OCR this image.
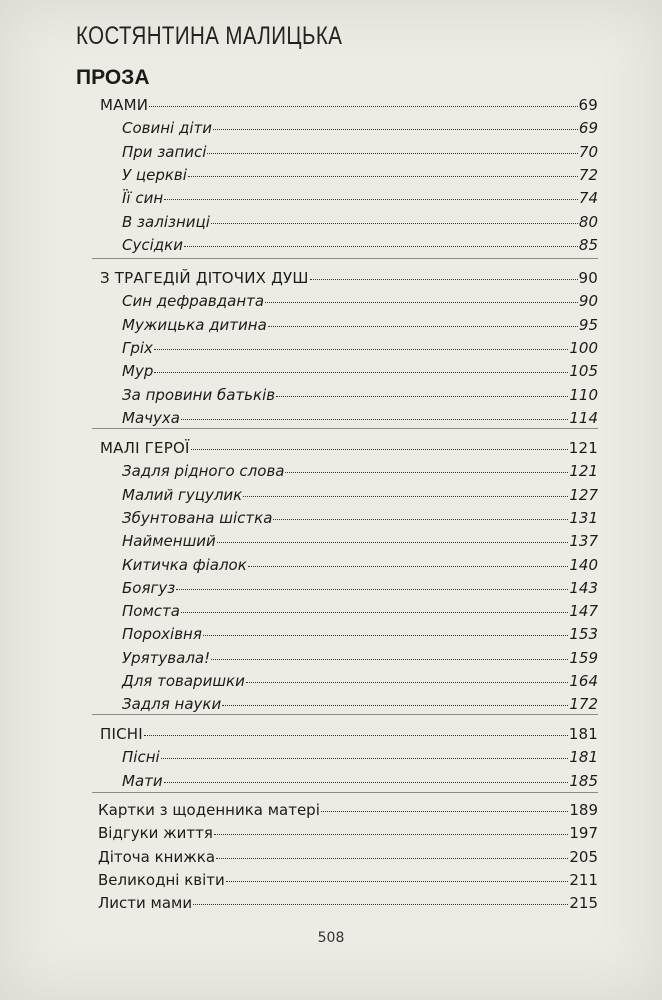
КОСТЯНТИНА МАЛИЦЬКА
ПРОЗА
МАМИ	69
Совині діти	69
При записі	70
У церкві	72
Її син	74
В залізниці	80
Сусідки	85
З ТРАГЕДІЙ ДІТОЧИХ ДУШ	90
Син дефравданта	90
Мужицька дитина	95
Гріх	100
Мур	105
За провини батьків	110
Мачуха	114
МАЛІ ГЕРОЇ	121
Задля рідного слова	121
Малий гуцулик	127
Збунтована шістка	131
Найменший	137
Китичка фіалок	140
Боягуз	143
Помста	147
Порохівня	153
Урятувала!	159
Для товаришки	164
Задля науки	172
ПІСНІ	181
Пісні	181
Мати	185
Картки з щоденника матері	189
Відгуки життя	197
Діточа книжка	205
Великодні квіти	211
Листи мами	215
508
